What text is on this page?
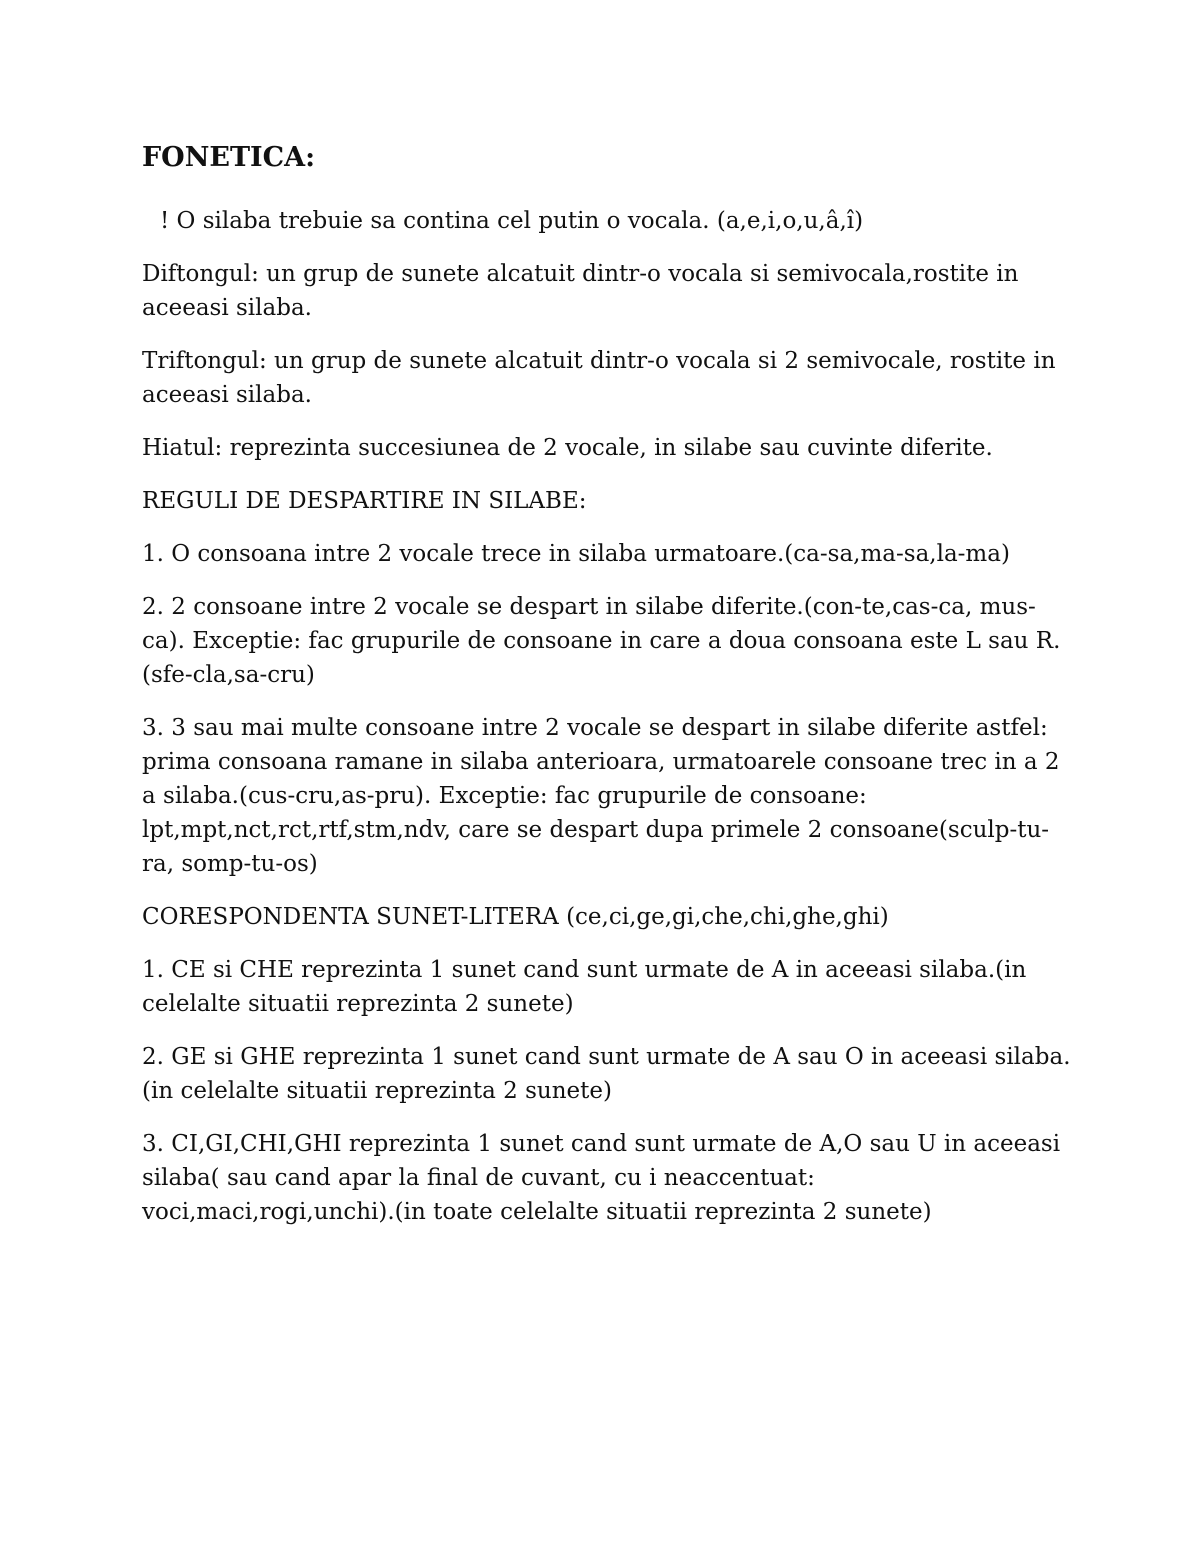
FONETICA:

! O silaba trebuie sa contina cel putin o vocala. (a,e,i,o,u,â,î)

Diftongul: un grup de sunete alcatuit dintr-o vocala si semivocala,rostite in aceeasi silaba.

Triftongul: un grup de sunete alcatuit dintr-o vocala si 2 semivocale, rostite in aceeasi silaba.

Hiatul: reprezinta succesiunea de 2 vocale, in silabe sau cuvinte diferite.

REGULI DE DESPARTIRE IN SILABE:

1. O consoana intre 2 vocale trece in silaba urmatoare.(ca-sa,ma-sa,la-ma)

2. 2 consoane intre 2 vocale se despart in silabe diferite.(con-te,cas-ca, mus-ca). Exceptie: fac grupurile de consoane in care a doua consoana este L sau R.(sfe-cla,sa-cru)

3. 3 sau mai multe consoane intre 2 vocale se despart in silabe diferite astfel: prima consoana ramane in silaba anterioara, urmatoarele consoane trec in a 2 a silaba.(cus-cru,as-pru). Exceptie: fac grupurile de consoane: lpt,mpt,nct,rct,rtf,stm,ndv, care se despart dupa primele 2 consoane(sculp-tu-ra, somp-tu-os)

CORESPONDENTA SUNET-LITERA (ce,ci,ge,gi,che,chi,ghe,ghi)

1. CE si CHE reprezinta 1 sunet cand sunt urmate de A in aceeasi silaba.(in celelalte situatii reprezinta 2 sunete)

2. GE si GHE reprezinta 1 sunet cand sunt urmate de A sau O in aceeasi silaba.(in celelalte situatii reprezinta 2 sunete)

3. CI,GI,CHI,GHI reprezinta 1 sunet cand sunt urmate de A,O sau U in aceeasi silaba( sau cand apar la final de cuvant, cu i neaccentuat: voci,maci,rogi,unchi).(in toate celelalte situatii reprezinta 2 sunete)
